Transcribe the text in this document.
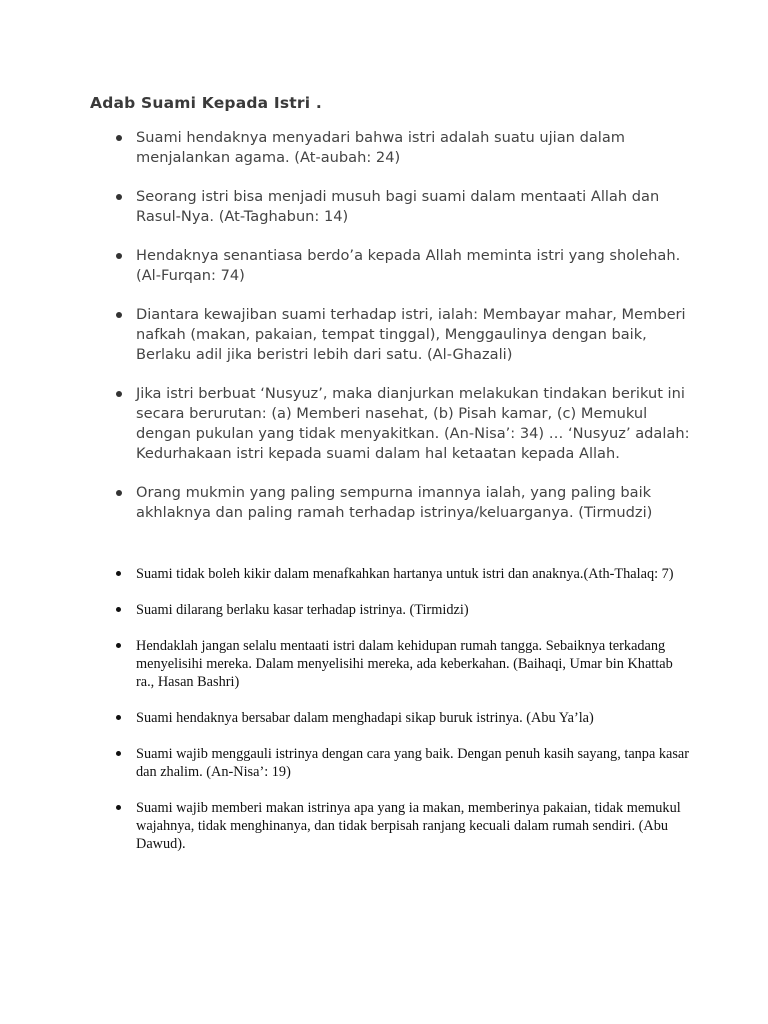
Adab Suami Kepada Istri .
Suami hendaknya menyadari bahwa istri adalah suatu ujian dalam menjalankan agama. (At-aubah: 24)
Seorang istri bisa menjadi musuh bagi suami dalam mentaati Allah dan Rasul-Nya. (At-Taghabun: 14)
Hendaknya senantiasa berdo’a kepada Allah meminta istri yang sholehah. (Al-Furqan: 74)
Diantara kewajiban suami terhadap istri, ialah: Membayar mahar, Memberi nafkah (makan, pakaian, tempat tinggal), Menggaulinya dengan baik, Berlaku adil jika beristri lebih dari satu. (Al-Ghazali)
Jika istri berbuat ‘Nusyuz’, maka dianjurkan melakukan tindakan berikut ini secara berurutan: (a) Memberi nasehat, (b) Pisah kamar, (c) Memukul dengan pukulan yang tidak menyakitkan. (An-Nisa’: 34) … ‘Nusyuz’ adalah: Kedurhakaan istri kepada suami dalam hal ketaatan kepada Allah.
Orang mukmin yang paling sempurna imannya ialah, yang paling baik akhlaknya dan paling ramah terhadap istrinya/keluarganya. (Tirmudzi)
Suami tidak boleh kikir dalam menafkahkan hartanya untuk istri dan anaknya.(Ath-Thalaq: 7)
Suami dilarang berlaku kasar terhadap istrinya. (Tirmidzi)
Hendaklah jangan selalu mentaati istri dalam kehidupan rumah tangga. Sebaiknya terkadang menyelisihi mereka. Dalam menyelisihi mereka, ada keberkahan. (Baihaqi, Umar bin Khattab ra., Hasan Bashri)
Suami hendaknya bersabar dalam menghadapi sikap buruk istrinya. (Abu Ya’la)
Suami wajib menggauli istrinya dengan cara yang baik. Dengan penuh kasih sayang, tanpa kasar dan zhalim. (An-Nisa’: 19)
Suami wajib memberi makan istrinya apa yang ia makan, memberinya pakaian, tidak memukul wajahnya, tidak menghinanya, dan tidak berpisah ranjang kecuali dalam rumah sendiri. (Abu Dawud).
